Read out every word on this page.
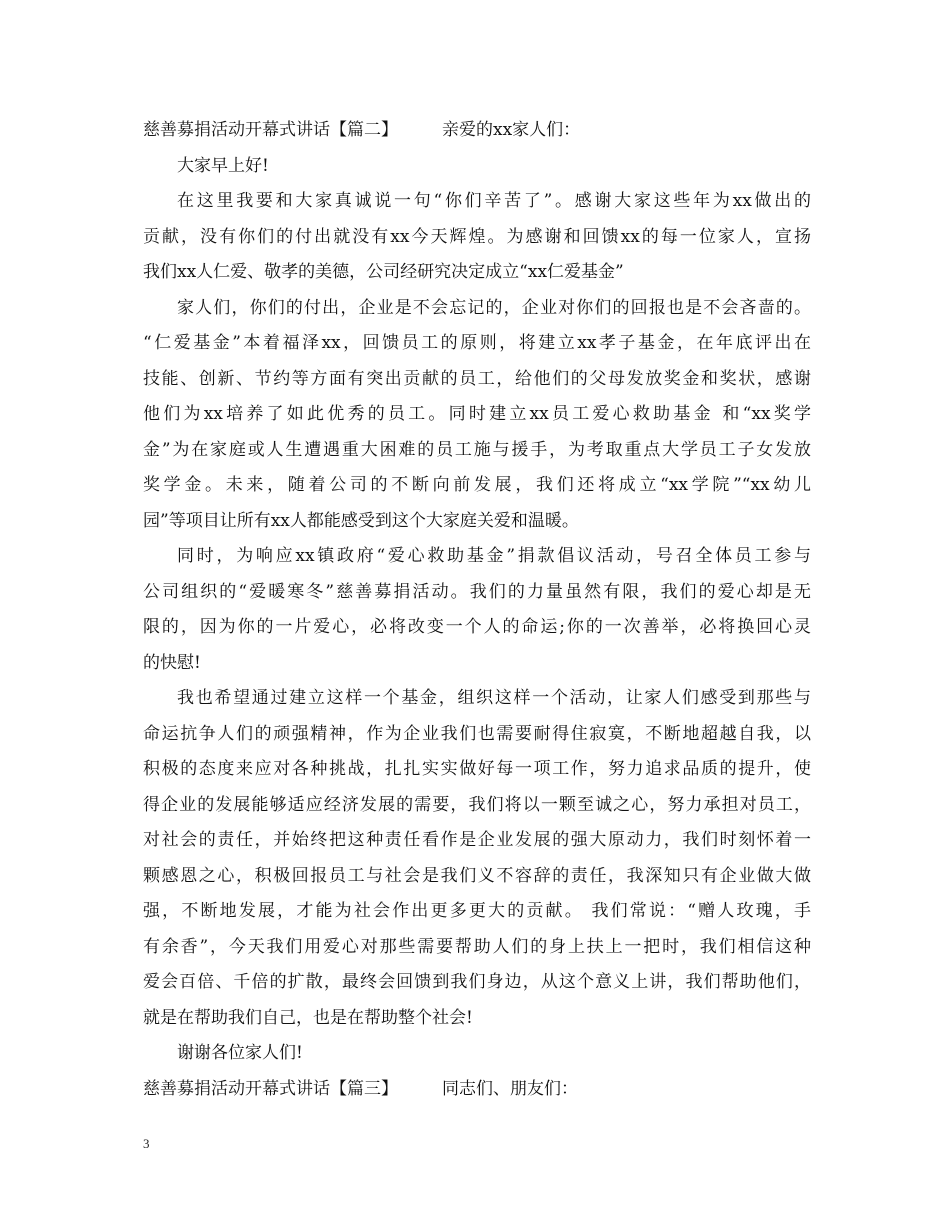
慈善募捐活动开幕式讲话【篇二】	亲爱的xx家人们：
大家早上好!
在这里我要和大家真诚说一句“你们辛苦了”。感谢大家这些年为xx做出的
贡献，没有你们的付出就没有xx今天辉煌。为感谢和回馈xx的每一位家人，宣扬
我们xx人仁爱、敬孝的美德，公司经研究决定成立“xx仁爱基金”
家人们，你们的付出，企业是不会忘记的，企业对你们的回报也是不会吝啬的。
“仁爱基金”本着福泽xx，回馈员工的原则，将建立xx孝子基金，在年底评出在
技能、创新、节约等方面有突出贡献的员工，给他们的父母发放奖金和奖状，感谢
他们为xx培养了如此优秀的员工。同时建立xx员工爱心救助基金 和“xx奖学
金”为在家庭或人生遭遇重大困难的员工施与援手，为考取重点大学员工子女发放
奖学金。未来，随着公司的不断向前发展，我们还将成立“xx学院”“xx幼儿
园”等项目让所有xx人都能感受到这个大家庭关爱和温暖。
同时，为响应xx镇政府“爱心救助基金”捐款倡议活动，号召全体员工参与
公司组织的“爱暖寒冬”慈善募捐活动。我们的力量虽然有限，我们的爱心却是无
限的，因为你的一片爱心，必将改变一个人的命运;你的一次善举，必将换回心灵
的快慰!
我也希望通过建立这样一个基金，组织这样一个活动，让家人们感受到那些与
命运抗争人们的顽强精神，作为企业我们也需要耐得住寂寞，不断地超越自我，以
积极的态度来应对各种挑战，扎扎实实做好每一项工作，努力追求品质的提升，使
得企业的发展能够适应经济发展的需要，我们将以一颗至诚之心，努力承担对员工，
对社会的责任，并始终把这种责任看作是企业发展的强大原动力，我们时刻怀着一
颗感恩之心，积极回报员工与社会是我们义不容辞的责任，我深知只有企业做大做
强，不断地发展，才能为社会作出更多更大的贡献。 我们常说：“赠人玫瑰，手
有余香”，今天我们用爱心对那些需要帮助人们的身上扶上一把时，我们相信这种
爱会百倍、千倍的扩散，最终会回馈到我们身边，从这个意义上讲，我们帮助他们，
就是在帮助我们自己，也是在帮助整个社会!
谢谢各位家人们!
慈善募捐活动开幕式讲话【篇三】	同志们、朋友们：
3
